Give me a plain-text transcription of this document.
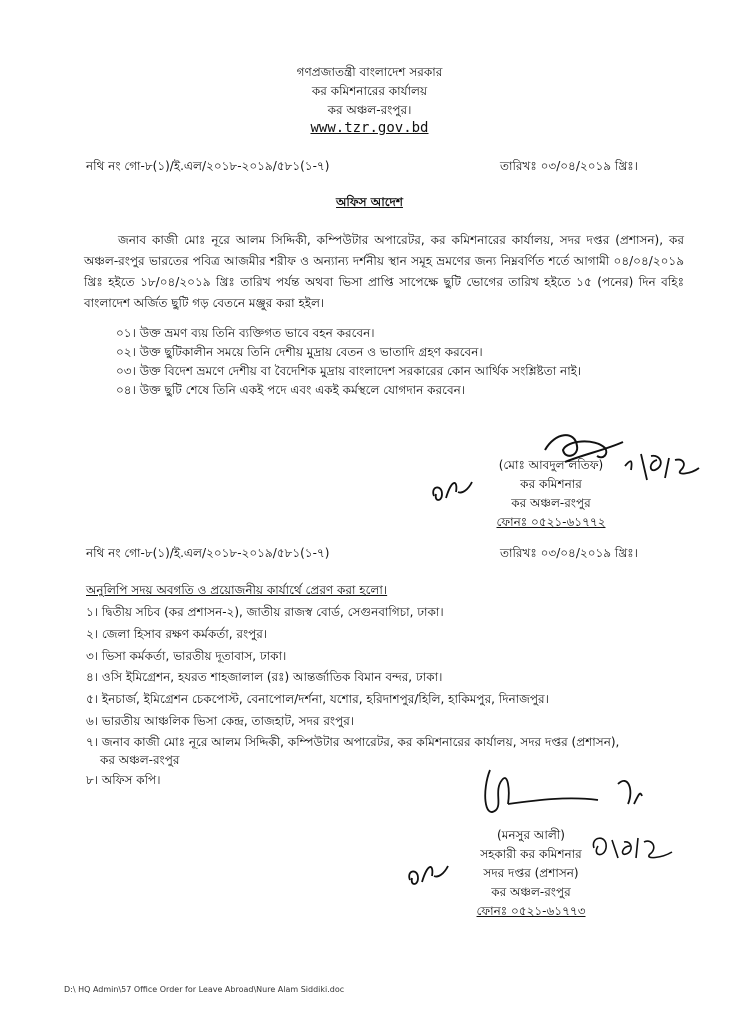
গণপ্রজাতন্ত্রী বাংলাদেশ সরকার
কর কমিশনারের কার্যালয়
কর অঞ্চল-রংপুর।
www.tzr.gov.bd
নথি নং গো-৮(১)/ই.এল/২০১৮-২০১৯/৫৮১(১-৭)	তারিখঃ ০৩/০৪/২০১৯ খ্রিঃ।
অফিস আদেশ
জনাব কাজী মোঃ নূরে আলম সিদ্দিকী, কম্পিউটার অপারেটর, কর কমিশনারের কার্যালয়, সদর দপ্তর (প্রশাসন), কর অঞ্চল-রংপুর ভারতের পবিত্র আজমীর শরীফ ও অন্যান্য দর্শনীয় স্থান সমূহ ভ্রমণের জন্য নিম্নবর্ণিত শর্তে আগামী ০৪/০৪/২০১৯ খ্রিঃ হইতে ১৮/০৪/২০১৯ খ্রিঃ তারিখ পর্যন্ত অথবা ভিসা প্রাপ্তি সাপেক্ষে ছুটি ভোগের তারিখ হইতে ১৫ (পনের) দিন বহিঃ বাংলাদেশ অর্জিত ছুটি গড় বেতনে মঞ্জুর করা হইল।
০১। উক্ত ভ্রমণ ব্যয় তিনি ব্যক্তিগত ভাবে বহন করবেন।
০২। উক্ত ছুটিকালীন সময়ে তিনি দেশীয় মুদ্রায় বেতন ও ভাতাদি গ্রহণ করবেন।
০৩। উক্ত বিদেশ ভ্রমণে দেশীয় বা বৈদেশিক মুদ্রায় বাংলাদেশ সরকারের কোন আর্থিক সংশ্লিষ্টতা নাই।
০৪। উক্ত ছুটি শেষে তিনি একই পদে এবং একই কর্মস্থলে যোগদান করবেন।
(মোঃ আবদুল লতিফ)
কর কমিশনার
কর অঞ্চল-রংপুর
ফোনঃ ০৫২১-৬১৭৭২
নথি নং গো-৮(১)/ই.এল/২০১৮-২০১৯/৫৮১(১-৭)	তারিখঃ ০৩/০৪/২০১৯ খ্রিঃ।
অনুলিপি সদয় অবগতি ও প্রয়োজনীয় কার্যার্থে প্রেরণ করা হলো।
১। দ্বিতীয় সচিব (কর প্রশাসন-২), জাতীয় রাজস্ব বোর্ড, সেগুনবাগিচা, ঢাকা।
২। জেলা হিসাব রক্ষণ কর্মকর্তা, রংপুর।
৩। ভিসা কর্মকর্তা, ভারতীয় দূতাবাস, ঢাকা।
৪। ওসি ইমিগ্রেশন, হযরত শাহজালাল (রঃ) আন্তর্জাতিক বিমান বন্দর, ঢাকা।
৫। ইনচার্জ, ইমিগ্রেশন চেকপোস্ট, বেনাপোল/দর্শনা, যশোর, হরিদাশপুর/হিলি, হাকিমপুর, দিনাজপুর।
৬। ভারতীয় আঞ্চলিক ভিসা কেন্দ্র, তাজহাট, সদর রংপুর।
৭। জনাব কাজী মোঃ নূরে আলম সিদ্দিকী, কম্পিউটার অপারেটর, কর কমিশনারের কার্যালয়, সদর দপ্তর (প্রশাসন),
কর অঞ্চল-রংপুর
৮। অফিস কপি।
(মনসুর আলী)
সহকারী কর কমিশনার
সদর দপ্তর (প্রশাসন)
কর অঞ্চল-রংপুর
ফোনঃ ০৫২১-৬১৭৭৩
D:\ HQ Admin\57 Office Order for Leave Abroad\Nure Alam Siddiki.doc
